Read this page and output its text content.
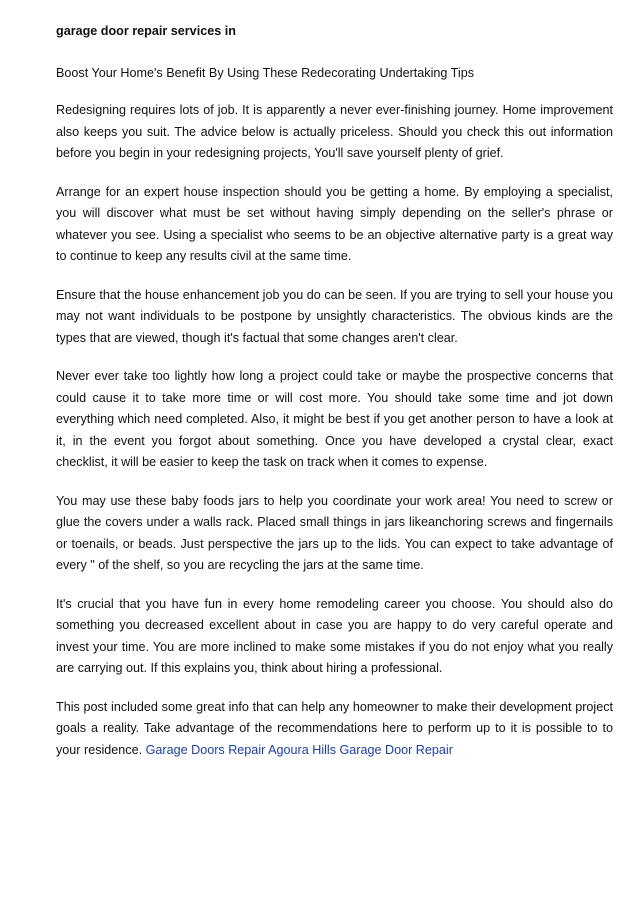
garage door repair services in
Boost Your Home's Benefit By Using These Redecorating Undertaking Tips

Redesigning requires lots of job. It is apparently a never ever-finishing journey. Home improvement also keeps you suit. The advice below is actually priceless. Should you check this out information before you begin in your redesigning projects, You'll save yourself plenty of grief.

Arrange for an expert house inspection should you be getting a home. By employing a specialist, you will discover what must be set without having simply depending on the seller's phrase or whatever you see. Using a specialist who seems to be an objective alternative party is a great way to continue to keep any results civil at the same time.

Ensure that the house enhancement job you do can be seen. If you are trying to sell your house you may not want individuals to be postpone by unsightly characteristics. The obvious kinds are the types that are viewed, though it's factual that some changes aren't clear.

Never ever take too lightly how long a project could take or maybe the prospective concerns that could cause it to take more time or will cost more. You should take some time and jot down everything which need completed. Also, it might be best if you get another person to have a look at it, in the event you forgot about something. Once you have developed a crystal clear, exact checklist, it will be easier to keep the task on track when it comes to expense.

You may use these baby foods jars to help you coordinate your work area! You need to screw or glue the covers under a walls rack. Placed small things in jars likeanchoring screws and fingernails or toenails, or beads. Just perspective the jars up to the lids. You can expect to take advantage of every " of the shelf, so you are recycling the jars at the same time.

It's crucial that you have fun in every home remodeling career you choose. You should also do something you decreased excellent about in case you are happy to do very careful operate and invest your time. You are more inclined to make some mistakes if you do not enjoy what you really are carrying out. If this explains you, think about hiring a professional.

This post included some great info that can help any homeowner to make their development project goals a reality. Take advantage of the recommendations here to perform up to it is possible to to your residence. Garage Doors Repair Agoura Hills Garage Door Repair
